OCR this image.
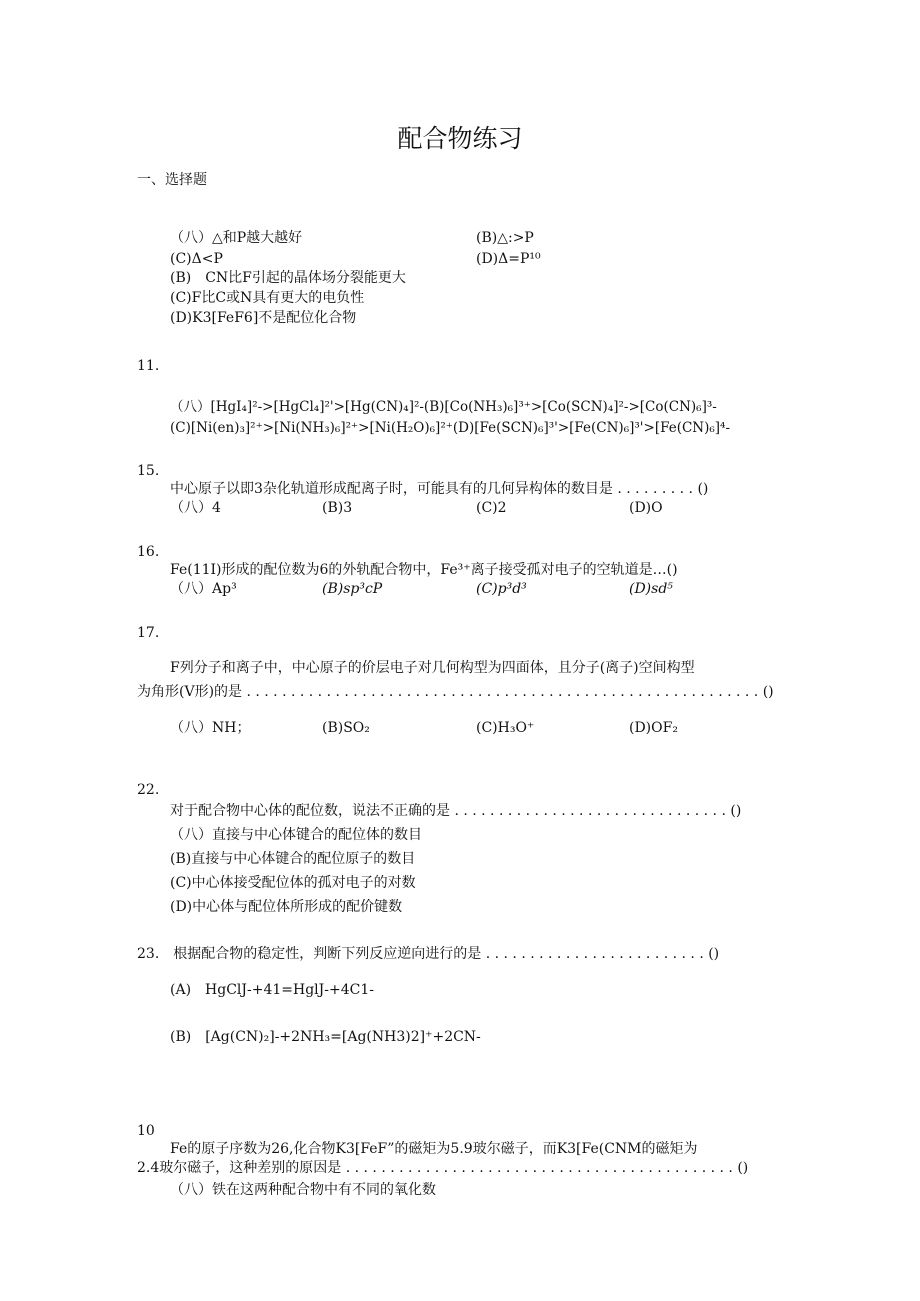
配合物练习
一、选择题
（八）△和P越大越好	(B)△:>P
(C)Δ<P	(D)Δ=P¹⁰
(B)　CN比F引起的晶体场分裂能更大
(C)F比C或N具有更大的电负性
(D)K3[FeF6]不是配位化合物
11.
（八）[HgI₄]²->[HgCl₄]²'>[Hg(CN)₄]²-(B)[Co(NH₃)₆]³⁺>[Co(SCN)₄]²->[Co(CN)₆]³-
(C)[Ni(en)₃]²⁺>[Ni(NH₃)₆]²⁺>[Ni(H₂O)₆]²⁺(D)[Fe(SCN)₆]³'>[Fe(CN)₆]³'>[Fe(CN)₆]⁴-
15.
中心原子以即3杂化轨道形成配离子时，可能具有的几何异构体的数目是 . . . . . . . . . ()
（八）4	(B)3	(C)2	(D)O
16.
Fe(11I)形成的配位数为6的外轨配合物中，Fe³⁺离子接受孤对电子的空轨道是…()
（八）Ap³	(B)sp³cP	(C)p³d³	(D)sd⁵
17.
F列分子和离子中，中心原子的价层电子对几何构型为四面体，且分子(离子)空间构型
为角形(V形)的是 . . . . . . . . . . . . . . . . . . . . . . . . . . . . . . . . . . . . . . . . . . . . . . . . . . . . . . . . . . ()
（八）NH；	(B)SO₂	(C)H₃O⁺	(D)OF₂
22.
对于配合物中心体的配位数，说法不正确的是 . . . . . . . . . . . . . . . . . . . . . . . . . . . . . . . ()
（八）直接与中心体键合的配位体的数目
(B)直接与中心体键合的配位原子的数目
(C)中心体接受配位体的孤对电子的对数
(D)中心体与配位体所形成的配价键数
23.　根据配合物的稳定性，判断下列反应逆向进行的是 . . . . . . . . . . . . . . . . . . . . . . . . . ()
(A)　HgClJ-+41=HglJ-+4C1-
(B)　[Ag(CN)₂]-+2NH₃=[Ag(NH3)2]⁺+2CN-
10
Fe的原子序数为26,化合物K3[FeF”的磁矩为5.9玻尔磁子，而K3[Fe(CNM的磁矩为
2.4玻尔磁子，这种差别的原因是 . . . . . . . . . . . . . . . . . . . . . . . . . . . . . . . . . . . . . . . . . . . . ()
（八）铁在这两种配合物中有不同的氧化数
